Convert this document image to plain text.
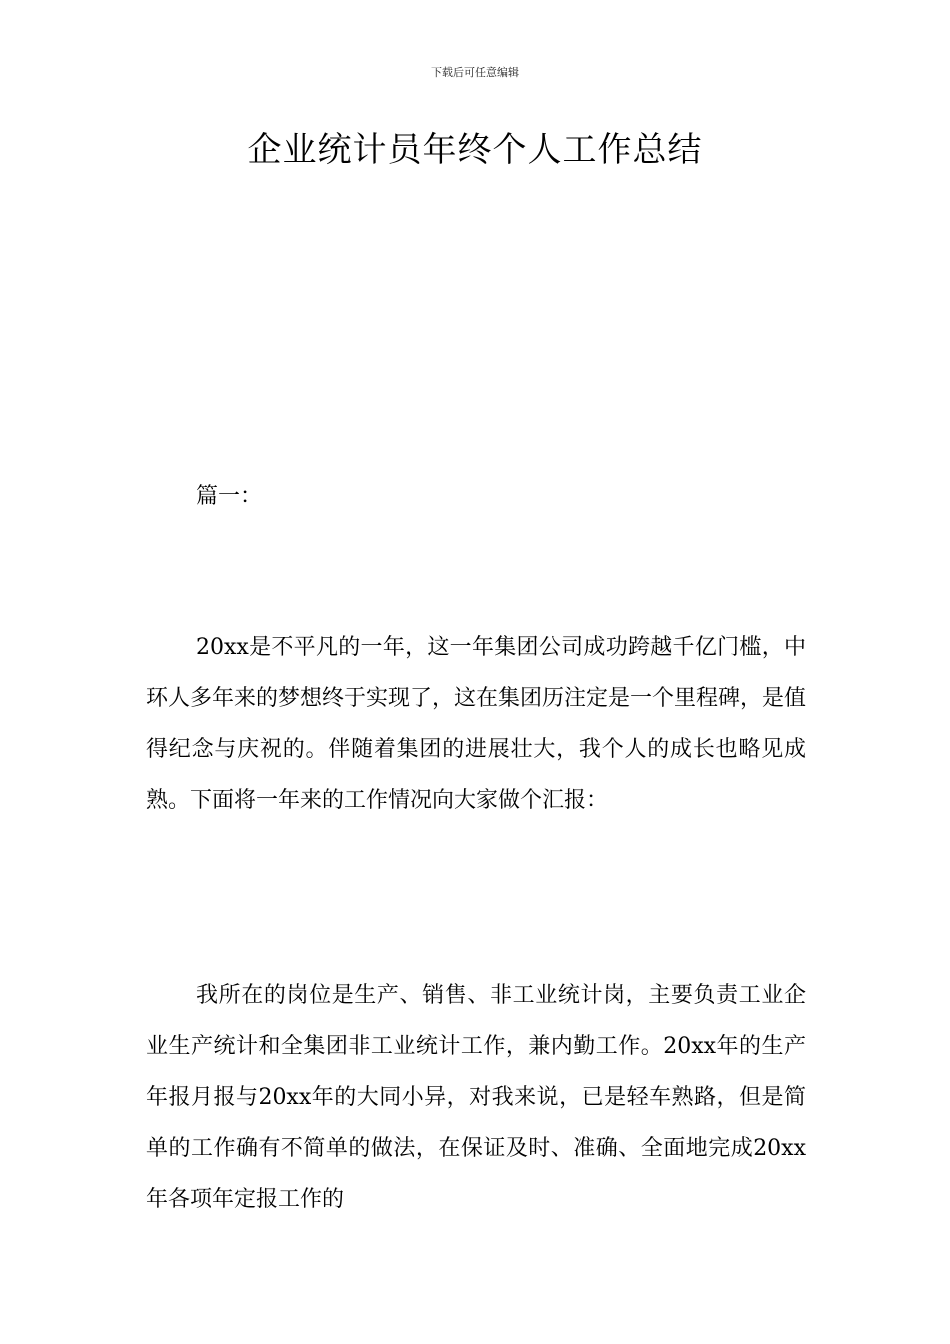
下载后可任意编辑
企业统计员年终个人工作总结
篇一：

20xx是不平凡的一年，这一年集团公司成功跨越千亿门槛，中环人多年来的梦想终于实现了，这在集团历注定是一个里程碑，是值得纪念与庆祝的。伴随着集团的进展壮大，我个人的成长也略见成熟。下面将一年来的工作情况向大家做个汇报：

我所在的岗位是生产、销售、非工业统计岗，主要负责工业企业生产统计和全集团非工业统计工作，兼内勤工作。20xx年的生产年报月报与20xx年的大同小异，对我来说，已是轻车熟路，但是简单的工作确有不简单的做法，在保证及时、准确、全面地完成20xx年各项年定报工作的
